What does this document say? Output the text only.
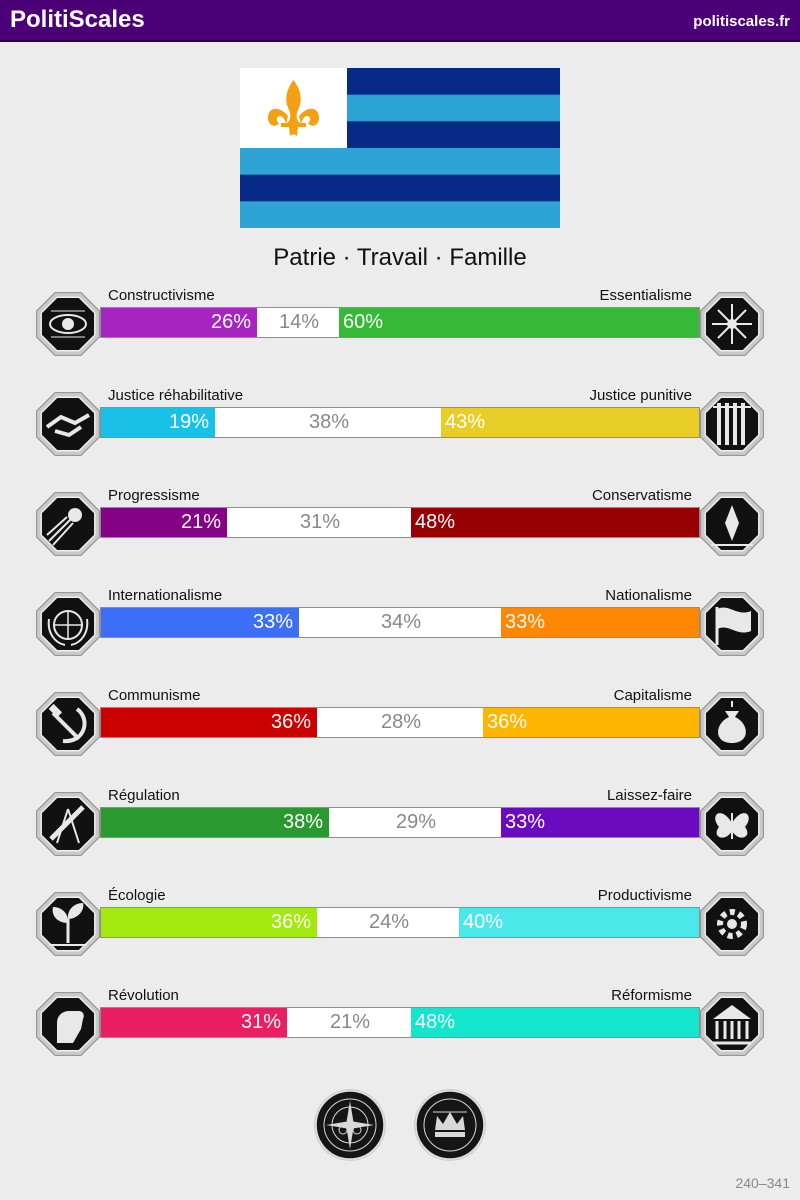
PolitiScales	politiscales.fr
Patrie · Travail · Famille
Constructivisme	Essentialisme
26%	14%	60%
Justice réhabilitative	Justice punitive
19%	38%	43%
Progressisme	Conservatisme
21%	31%	48%
Internationalisme	Nationalisme
33%	34%	33%
Communisme	Capitalisme
36%	28%	36%
Régulation	Laissez-faire
38%	29%	33%
Écologie	Productivisme
36%	24%	40%
Révolution	Réformisme
31%	21%	48%
240–341
